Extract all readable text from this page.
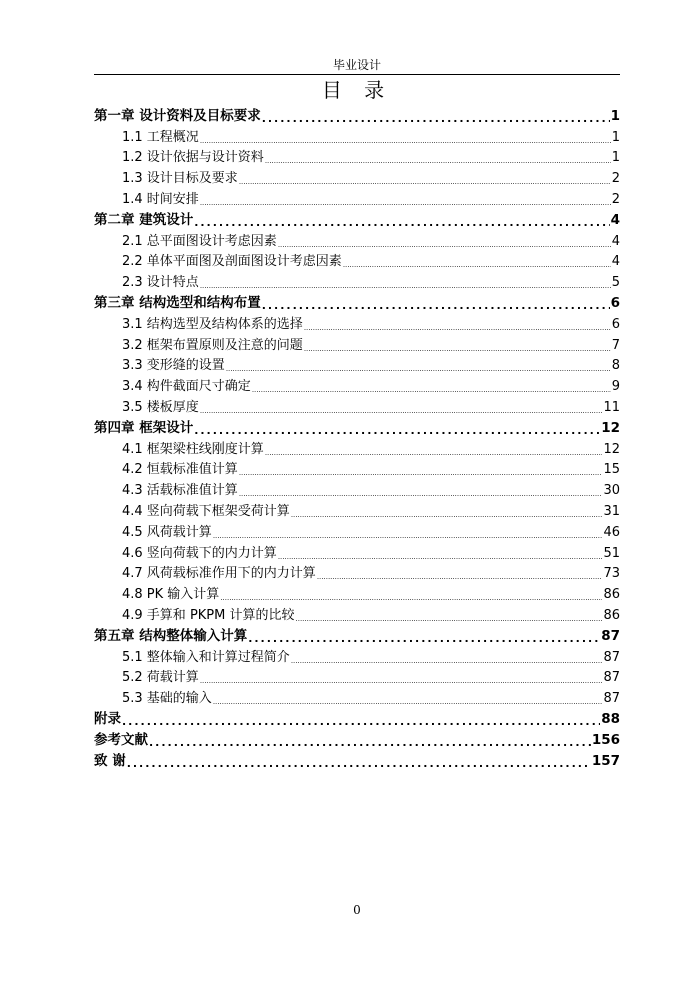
毕业设计
目 录
第一章 设计资料及目标要求 .....	1
1.1 工程概况 .....	1
1.2 设计依据与设计资料 .....	1
1.3 设计目标及要求 .....	2
1.4 时间安排 .....	2
第二章 建筑设计 .....	4
2.1 总平面图设计考虑因素 .....	4
2.2 单体平面图及剖面图设计考虑因素 .....	4
2.3 设计特点 .....	5
第三章 结构选型和结构布置 .....	6
3.1 结构选型及结构体系的选择 .....	6
3.2 框架布置原则及注意的问题 .....	7
3.3 变形缝的设置 .....	8
3.4 构件截面尺寸确定 .....	9
3.5 楼板厚度 .....	11
第四章 框架设计 .....	12
4.1 框架梁柱线刚度计算 .....	12
4.2 恒载标准值计算 .....	15
4.3 活载标准值计算 .....	30
4.4 竖向荷载下框架受荷计算 .....	31
4.5 风荷载计算 .....	46
4.6 竖向荷载下的内力计算 .....	51
4.7 风荷载标准作用下的内力计算 .....	73
4.8 PK 输入计算 .....	86
4.9 手算和 PKPM 计算的比较 .....	86
第五章 结构整体输入计算 .....	87
5.1 整体输入和计算过程简介 .....	87
5.2 荷载计算 .....	87
5.3 基础的输入 .....	87
附录 .....	88
参考文献 .....	156
致 谢 .....	157
0
